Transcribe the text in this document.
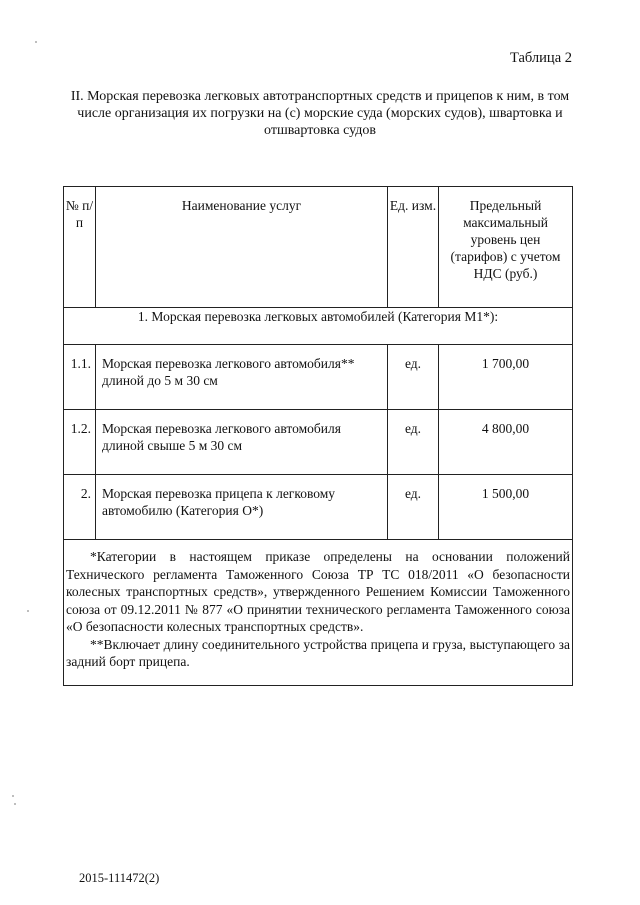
Таблица 2
II. Морская перевозка легковых автотранспортных средств и прицепов к ним, в том числе организация их погрузки на (с) морские суда (морских судов), швартовка и отшвартовка судов
№ п/п	Наименование услуг	Ед. изм.	Предельный максимальный уровень цен (тарифов) с учетом НДС (руб.)
1. Морская перевозка легковых автомобилей (Категория М1*):			
1.1.	Морская перевозка легкового автомобиля** длиной до 5 м 30 см	ед.	1 700,00
1.2.	Морская перевозка легкового автомобиля длиной свыше 5 м 30 см	ед.	4 800,00
2.	Морская перевозка прицепа к легковому автомобилю (Категория О*)	ед.	1 500,00

*Категории в настоящем приказе определены на основании положений Технического регламента Таможенного Союза ТР ТС 018/2011 «О безопасности колесных транспортных средств», утвержденного Решением Комиссии Таможенного союза от 09.12.2011 № 877 «О принятии технического регламента Таможенного союза «О безопасности колесных транспортных средств».

**Включает длину соединительного устройства прицепа и груза, выступающего за задний борт прицепа.			

2015-111472(2)
